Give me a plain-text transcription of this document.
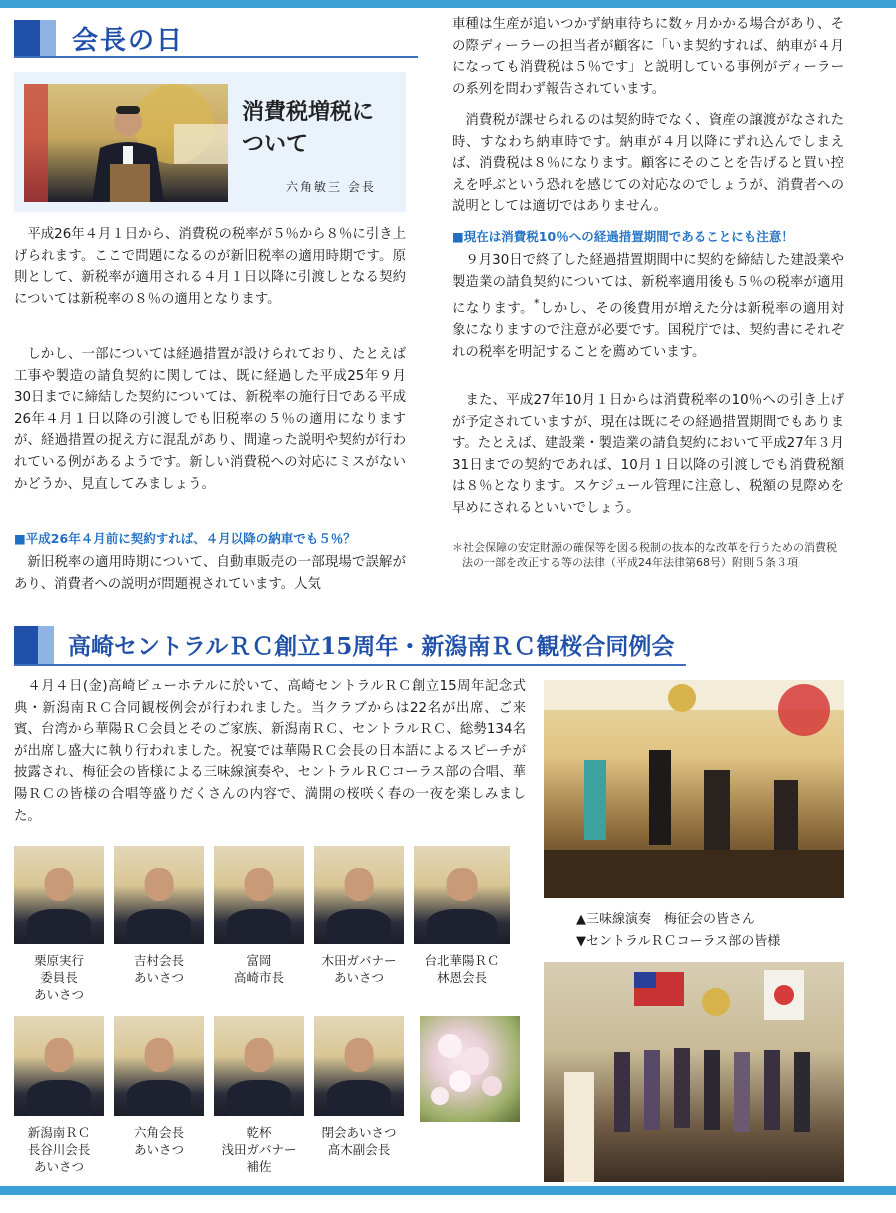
会長の日
消費税増税に
ついて
六角敏三 会長
平成26年４月１日から、消費税の税率が５％から８％に引き上げられます。ここで問題になるのが新旧税率の適用時期です。原則として、新税率が適用される４月１日以降に引渡しとなる契約については新税率の８％の適用となります。
しかし、一部については経過措置が設けられており、たとえば工事や製造の請負契約に関しては、既に経過した平成25年９月30日までに締結した契約については、新税率の施行日である平成26年４月１日以降の引渡しでも旧税率の５％の適用になりますが、経過措置の捉え方に混乱があり、間違った説明や契約が行われている例があるようです。新しい消費税への対応にミスがないかどうか、見直してみましょう。
■平成26年４月前に契約すれば、４月以降の納車でも５％？
新旧税率の適用時期について、自動車販売の一部現場で誤解があり、消費者への説明が問題視されています。人気
車種は生産が追いつかず納車待ちに数ヶ月かかる場合があり、その際ディーラーの担当者が顧客に「いま契約すれば、納車が４月になっても消費税は５％です」と説明している事例がディーラーの系列を問わず報告されています。
消費税が課せられるのは契約時でなく、資産の譲渡がなされた時、すなわち納車時です。納車が４月以降にずれ込んでしまえば、消費税は８％になります。顧客にそのことを告げると買い控えを呼ぶという恐れを感じての対応なのでしょうが、消費者への説明としては適切ではありません。
■現在は消費税10％への経過措置期間であることにも注意！
９月30日で終了した経過措置期間中に契約を締結した建設業や製造業の請負契約については、新税率適用後も５％の税率が適用になります。*しかし、その後費用が増えた分は新税率の適用対象になりますので注意が必要です。国税庁では、契約書にそれぞれの税率を明記することを薦めています。
また、平成27年10月１日からは消費税率の10％への引き上げが予定されていますが、現在は既にその経過措置期間でもあります。たとえば、建設業・製造業の請負契約において平成27年３月31日までの契約であれば、10月１日以降の引渡しでも消費税額は８％となります。スケジュール管理に注意し、税額の見際めを早めにされるといいでしょう。
＊社会保障の安定財源の確保等を図る税制の抜本的な改革を行うための消費税法の一部を改正する等の法律（平成24年法律第68号）附則５条３項
高崎セントラルＲＣ創立15周年・新潟南ＲＣ観桜合同例会
４月４日(金)高崎ビューホテルに於いて、高崎セントラルＲＣ創立15周年記念式典・新潟南ＲＣ合同観桜例会が行われました。当クラブからは22名が出席、ご来賓、台湾から華陽ＲＣ会員とそのご家族、新潟南ＲＣ、セントラルＲＣ、総勢134名が出席し盛大に執り行われました。祝宴では華陽ＲＣ会長の日本語によるスピーチが披露され、梅征会の皆様による三味線演奏や、セントラルＲＣコーラス部の合唱、華陽ＲＣの皆様の合唱等盛りだくさんの内容で、満開の桜咲く春の一夜を楽しみました。
栗原実行
委員長
あいさつ
吉村会長
あいさつ
富岡
高崎市長
木田ガバナー
あいさつ
台北華陽ＲＣ
林恩会長
新潟南ＲＣ
長谷川会長
あいさつ
六角会長
あいさつ
乾杯
浅田ガバナー
補佐
閉会あいさつ
高木副会長
▲三味線演奏　梅征会の皆さん
▼セントラルＲＣコーラス部の皆様
